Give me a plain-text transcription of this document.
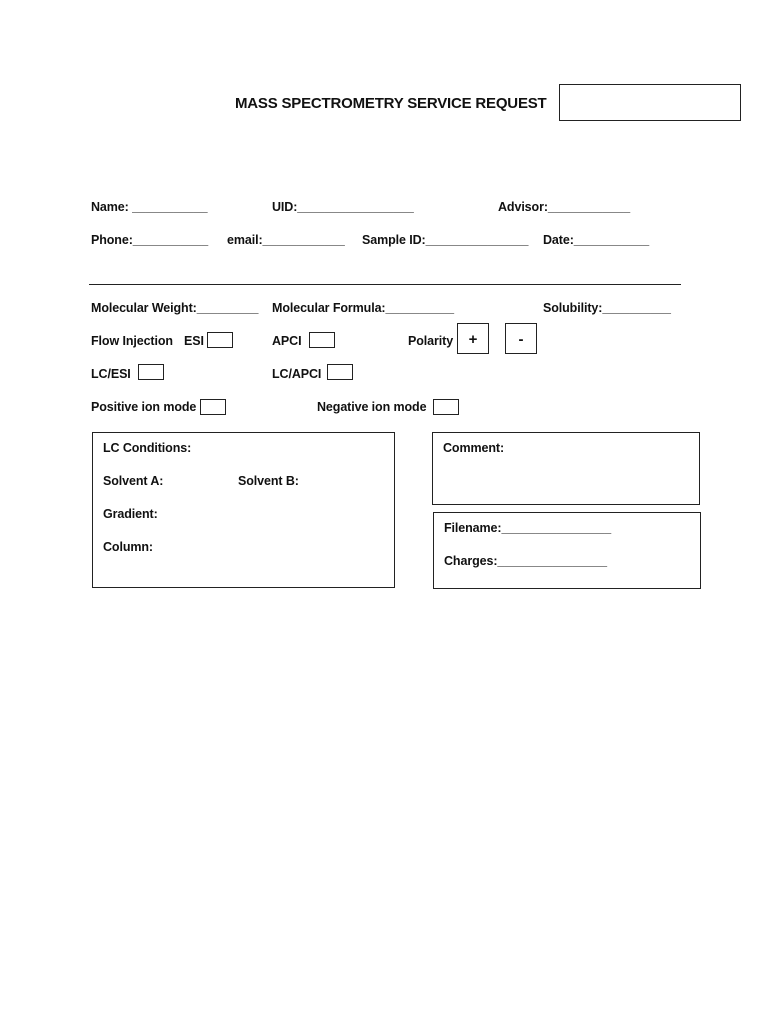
MASS SPECTROMETRY SERVICE REQUEST
Name: ___________	UID:_________________	Advisor:____________
Phone:___________ email:____________ Sample ID:_______________ Date:___________
Molecular Weight:_________ Molecular Formula:__________	Solubility:__________
Flow Injection ESI	APCI	Polarity	+	-
LC/ESI	LC/APCI
Positive ion mode	Negative ion mode
LC Conditions:
Solvent A:	Solvent B:
Gradient:
Column:
Comment:
Filename:________________
Charges:________________
